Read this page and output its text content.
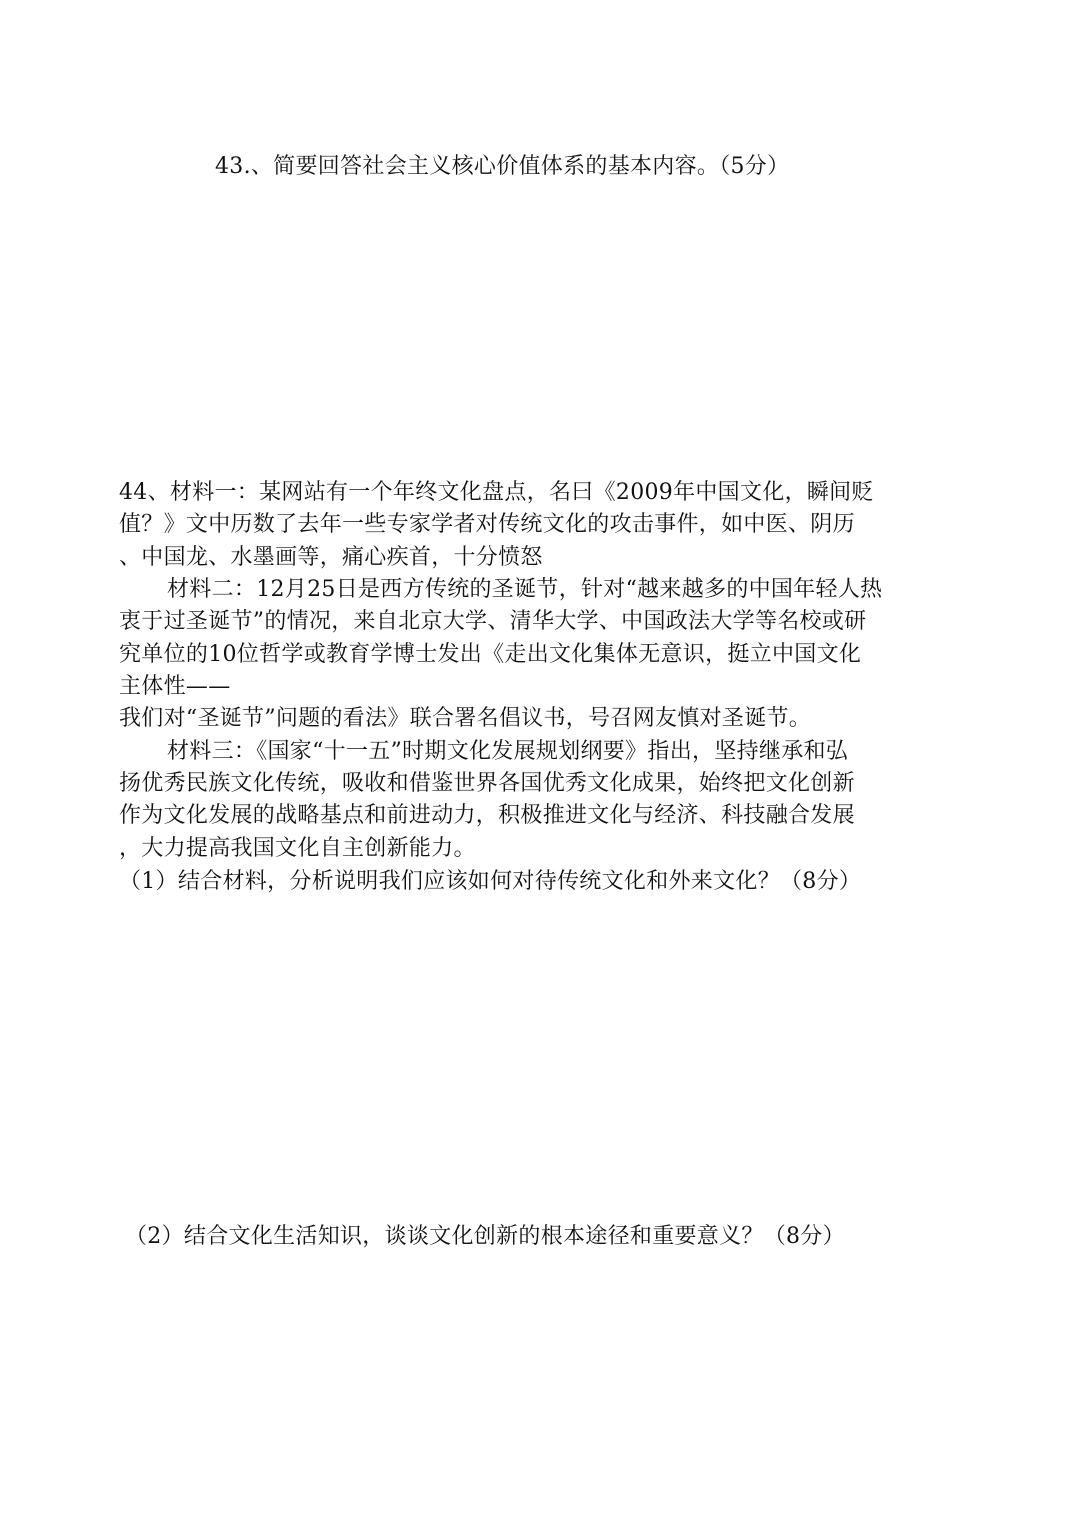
43.、简要回答社会主义核心价值体系的基本内容。（5分）
44、材料一：某网站有一个年终文化盘点，名曰《2009年中国文化，瞬间贬
值？》文中历数了去年一些专家学者对传统文化的攻击事件，如中医、阴历
、中国龙、水墨画等，痛心疾首，十分愤怒
材料二：12月25日是西方传统的圣诞节，针对“越来越多的中国年轻人热
衷于过圣诞节”的情况，来自北京大学、清华大学、中国政法大学等名校或研
究单位的10位哲学或教育学博士发出《走出文化集体无意识，挺立中国文化
主体性——
我们对“圣诞节”问题的看法》联合署名倡议书，号召网友慎对圣诞节。
材料三：《国家“十一五”时期文化发展规划纲要》指出，坚持继承和弘
扬优秀民族文化传统，吸收和借鉴世界各国优秀文化成果，始终把文化创新
作为文化发展的战略基点和前进动力，积极推进文化与经济、科技融合发展
，大力提高我国文化自主创新能力。
（1）结合材料，分析说明我们应该如何对待传统文化和外来文化？（8分）
（2）结合文化生活知识，谈谈文化创新的根本途径和重要意义？（8分）
